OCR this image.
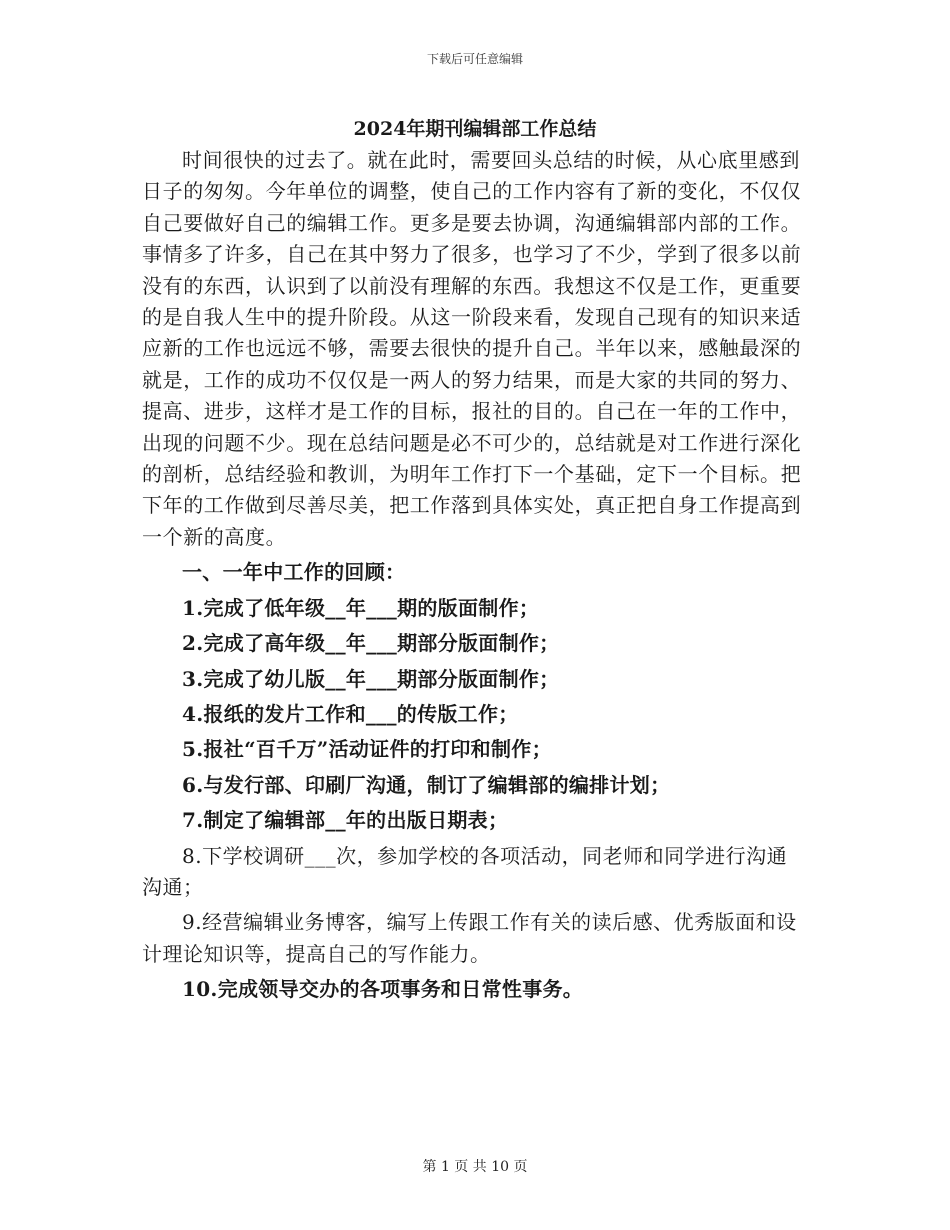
下载后可任意编辑
2024年期刊编辑部工作总结

时间很快的过去了。就在此时，需要回头总结的时候，从心底里感到日子的匆匆。今年单位的调整，使自己的工作内容有了新的变化，不仅仅自己要做好自己的编辑工作。更多是要去协调，沟通编辑部内部的工作。事情多了许多，自己在其中努力了很多，也学习了不少，学到了很多以前没有的东西，认识到了以前没有理解的东西。我想这不仅是工作，更重要的是自我人生中的提升阶段。从这一阶段来看，发现自己现有的知识来适应新的工作也远远不够，需要去很快的提升自己。半年以来，感触最深的就是，工作的成功不仅仅是一两人的努力结果，而是大家的共同的努力、提高、进步，这样才是工作的目标，报社的目的。自己在一年的工作中，出现的问题不少。现在总结问题是必不可少的，总结就是对工作进行深化的剖析，总结经验和教训，为明年工作打下一个基础，定下一个目标。把下年的工作做到尽善尽美，把工作落到具体实处，真正把自身工作提高到一个新的高度。

一、一年中工作的回顾：

1.完成了低年级__年___期的版面制作；

2.完成了高年级__年___期部分版面制作；

3.完成了幼儿版__年___期部分版面制作；

4.报纸的发片工作和___的传版工作；

5.报社“百千万”活动证件的打印和制作；

6.与发行部、印刷厂沟通，制订了编辑部的编排计划；

7.制定了编辑部__年的出版日期表；

8.下学校调研___次，参加学校的各项活动，同老师和同学进行沟通沟通；

9.经营编辑业务博客，编写上传跟工作有关的读后感、优秀版面和设计理论知识等，提高自己的写作能力。

10.完成领导交办的各项事务和日常性事务。

第 1 页 共 10 页
